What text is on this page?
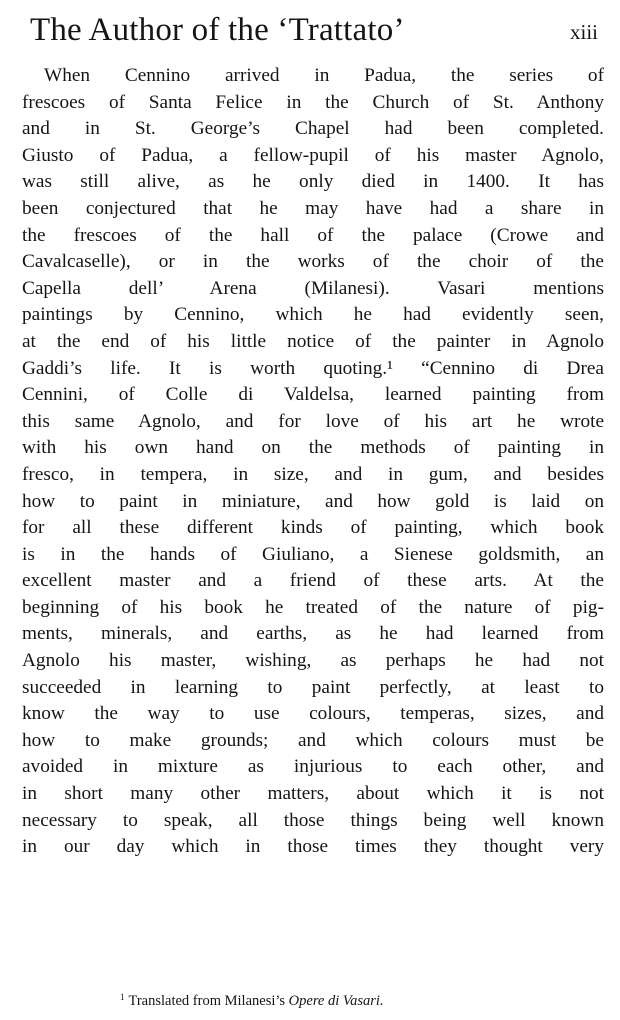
The Author of the ‘Trattato’	xiii
When Cennino arrived in Padua, the series of
frescoes of Santa Felice in the Church of St. Anthony
and in St. George’s Chapel had been completed.
Giusto of Padua, a fellow-pupil of his master Agnolo,
was still alive, as he only died in 1400. It has
been conjectured that he may have had a share in
the frescoes of the hall of the palace (Crowe and
Cavalcaselle), or in the works of the choir of the
Capella dell’ Arena (Milanesi). Vasari mentions
paintings by Cennino, which he had evidently seen,
at the end of his little notice of the painter in Agnolo
Gaddi’s life. It is worth quoting.¹ “Cennino di Drea
Cennini, of Colle di Valdelsa, learned painting from
this same Agnolo, and for love of his art he wrote
with his own hand on the methods of painting in
fresco, in tempera, in size, and in gum, and besides
how to paint in miniature, and how gold is laid on
for all these different kinds of painting, which book
is in the hands of Giuliano, a Sienese goldsmith, an
excellent master and a friend of these arts. At the
beginning of his book he treated of the nature of pig-
ments, minerals, and earths, as he had learned from
Agnolo his master, wishing, as perhaps he had not
succeeded in learning to paint perfectly, at least to
know the way to use colours, temperas, sizes, and
how to make grounds; and which colours must be
avoided in mixture as injurious to each other, and
in short many other matters, about which it is not
necessary to speak, all those things being well known
in our day which in those times they thought very
$^1$ Translated from Milanesi’s Opere di Vasari.
